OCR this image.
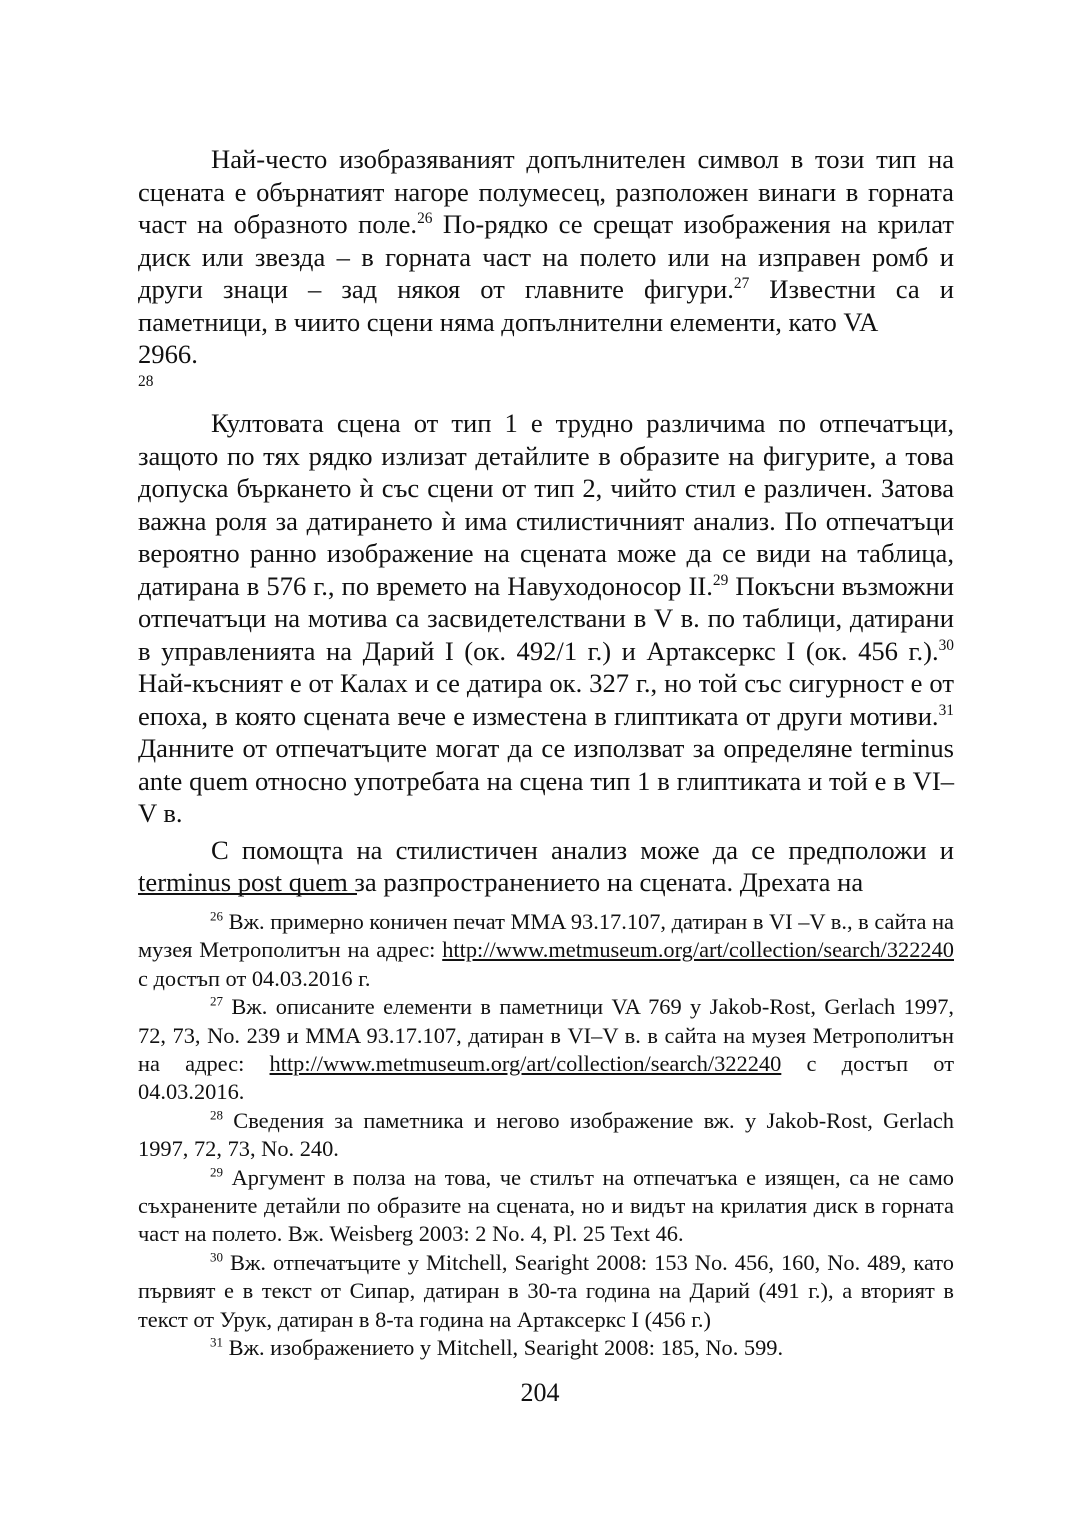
Най-често изобразяваният допълнителен символ в този тип на сцената е обърнатият нагоре полумесец, разположен винаги в горната част на образното поле.$^{26}$ По-рядко се срещат изображения на крилат диск или звезда – в горната част на полето или на изправен ромб и други знаци – зад някоя от главните фигури.$^{27}$ Известни са и паметници, в чиито сцени няма допълнителни елементи, като VA
2966.
$^{28}$

Култовата сцена от тип 1 е трудно различима по отпечатъци, защото по тях рядко излизат детайлите в образите на фигурите, а това допуска бъркането ѝ със сцени от тип 2, чийто стил е различен. Затова важна роля за датирането ѝ има стилистичният анализ. По отпечатъци вероятно ранно изображение на сцената може да се види на таблица, датирана в 576 г., по времето на Навуходоносор II.$^{29}$ Покъсни възможни отпечатъци на мотива са засвидетелствани в V в. по таблици, датирани в управленията на Дарий I (ок. 492/1 г.) и Артаксеркс I (ок. 456 г.).$^{30}$ Най-късният е от Калах и се датира ок. 327 г., но той със сигурност е от епоха, в която сцената вече е изместена в глиптиката от други мотиви.$^{31}$ Данните от отпечатъците могат да се използват за определяне terminus ante quem относно употребата на сцена тип 1 в глиптиката и той е в VI–V в.

С помощта на стилистичен анализ може да се предположи и terminus post quem за разпространението на сцената. Дрехата на

$^{26}$ Вж. примерно коничен печат MMA 93.17.107, датиран в VI –V в., в сайта на музея Метрополитън на адрес: http://www.metmuseum.org/art/collection/search/322240 с достъп от 04.03.2016 г.

$^{27}$ Вж. описаните елементи в паметници VA 769 у Jakob-Rost, Gerlach 1997, 72, 73, No. 239 и MMA 93.17.107, датиран в VI–V в. в сайта на музея Метрополитън на адрес: http://www.metmuseum.org/art/collection/search/322240 с достъп от 04.03.2016.

$^{28}$ Сведения за паметника и негово изображение вж. у Jakob-Rost, Gerlach 1997, 72, 73, No. 240.

$^{29}$ Аргумент в полза на това, че стилът на отпечатъка е изящен, са не само съхранените детайли по образите на сцената, но и видът на крилатия диск в горната част на полето. Вж. Weisberg 2003: 2 No. 4, Pl. 25 Text 46.

$^{30}$ Вж. отпечатъците у Mitchell, Searight 2008: 153 No. 456, 160, No. 489, като първият е в текст от Сипар, датиран в 30-та година на Дарий (491 г.), а вторият в текст от Урук, датиран в 8-та година на Артаксеркс I (456 г.)

$^{31}$ Вж. изображението у Mitchell, Searight 2008: 185, No. 599.

204
